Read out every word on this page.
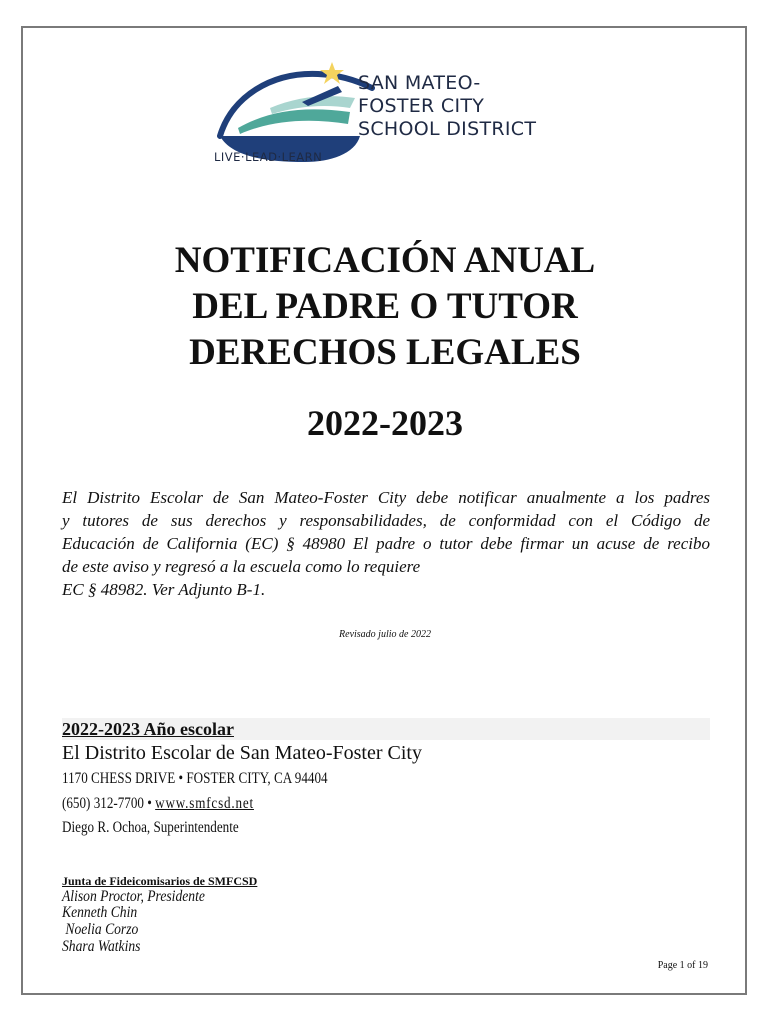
SAN MATEO-
FOSTER CITY
SCHOOL DISTRICT
LIVE·LEAD·LEARN
NOTIFICACIÓN ANUAL
DEL PADRE O TUTOR
DERECHOS LEGALES
2022-2023

El Distrito Escolar de San Mateo-Foster City debe notificar anualmente a los padres
y tutores de sus derechos y responsabilidades, de conformidad con el Código de
Educación de California (EC) § 48980 El padre o tutor debe firmar un acuse de recibo
de este aviso y regresó a la escuela como lo requiere
EC § 48982. Ver Adjunto B-1.

Revisado julio de 2022
2022-2023 Año escolar
El Distrito Escolar de San Mateo-Foster City
1170 CHESS DRIVE • FOSTER CITY, CA 94404
(650) 312-7700 • www.smfcsd.net
Diego R. Ochoa, Superintendente
Junta de Fideicomisarios de SMFCSD
Alison Proctor, Presidente
Kenneth Chin
Noelia Corzo
Shara Watkins
Page 1 of 19
